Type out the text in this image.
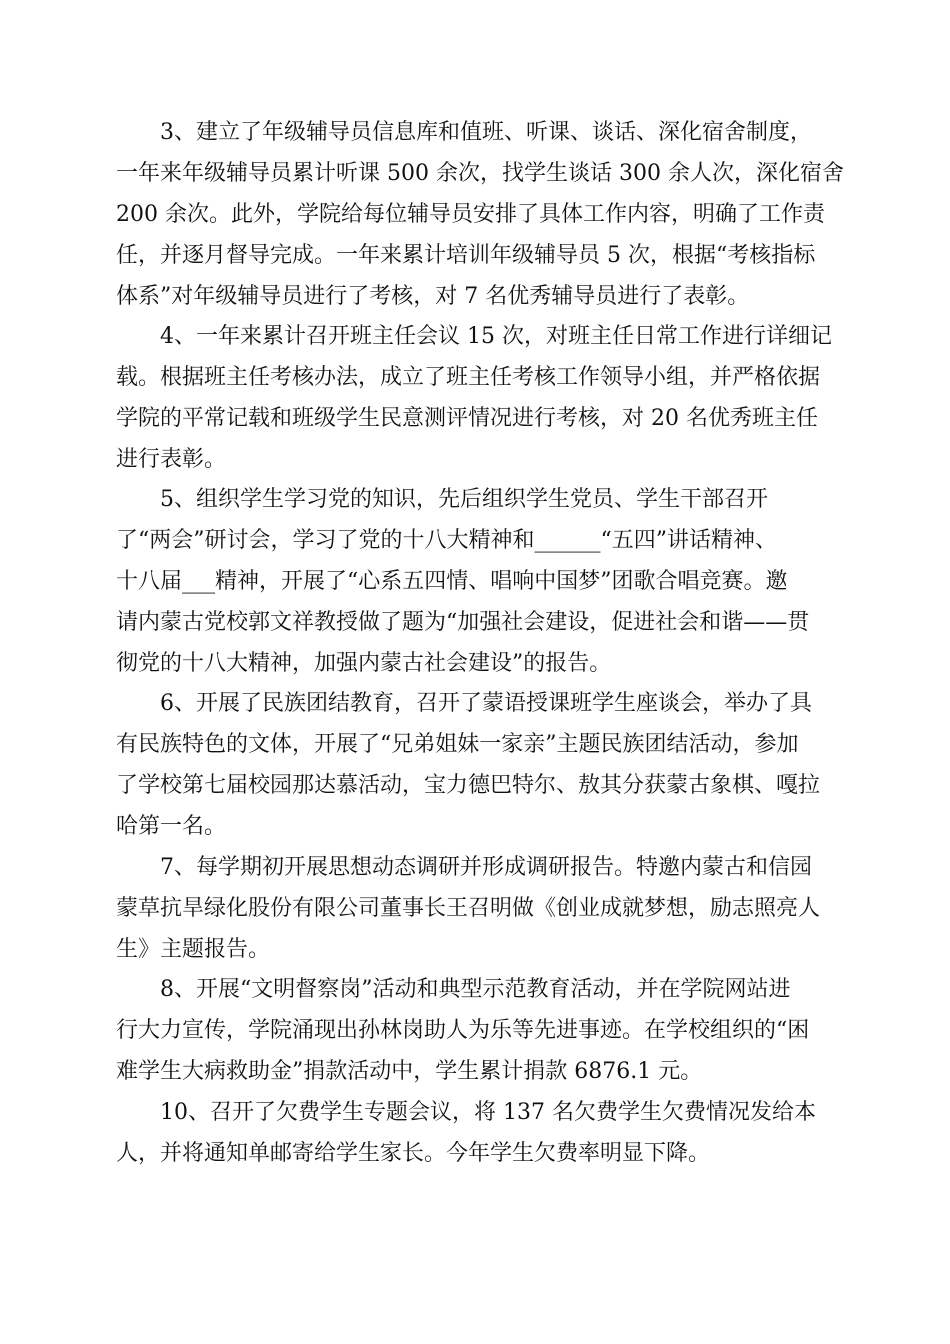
3、建立了年级辅导员信息库和值班、听课、谈话、深化宿舍制度，
一年来年级辅导员累计听课 500 余次，找学生谈话 300 余人次，深化宿舍
200 余次。此外，学院给每位辅导员安排了具体工作内容，明确了工作责
任，并逐月督导完成。一年来累计培训年级辅导员 5 次，根据“考核指标
体系”对年级辅导员进行了考核，对 7 名优秀辅导员进行了表彰。
4、一年来累计召开班主任会议 15 次，对班主任日常工作进行详细记
载。根据班主任考核办法，成立了班主任考核工作领导小组，并严格依据
学院的平常记载和班级学生民意测评情况进行考核，对 20 名优秀班主任
进行表彰。
5、组织学生学习党的知识，先后组织学生党员、学生干部召开
了“两会”研讨会，学习了党的十八大精神和______“五四”讲话精神、
十八届___精神，开展了“心系五四情、唱响中国梦”团歌合唱竞赛。邀
请内蒙古党校郭文祥教授做了题为“加强社会建设，促进社会和谐——贯
彻党的十八大精神，加强内蒙古社会建设”的报告。
6、开展了民族团结教育，召开了蒙语授课班学生座谈会，举办了具
有民族特色的文体，开展了“兄弟姐妹一家亲”主题民族团结活动，参加
了学校第七届校园那达慕活动，宝力德巴特尔、敖其分获蒙古象棋、嘎拉
哈第一名。
7、每学期初开展思想动态调研并形成调研报告。特邀内蒙古和信园
蒙草抗旱绿化股份有限公司董事长王召明做《创业成就梦想，励志照亮人
生》主题报告。
8、开展“文明督察岗”活动和典型示范教育活动，并在学院网站进
行大力宣传，学院涌现出孙林岗助人为乐等先进事迹。在学校组织的“困
难学生大病救助金”捐款活动中，学生累计捐款 6876.1 元。
10、召开了欠费学生专题会议，将 137 名欠费学生欠费情况发给本
人，并将通知单邮寄给学生家长。今年学生欠费率明显下降。
